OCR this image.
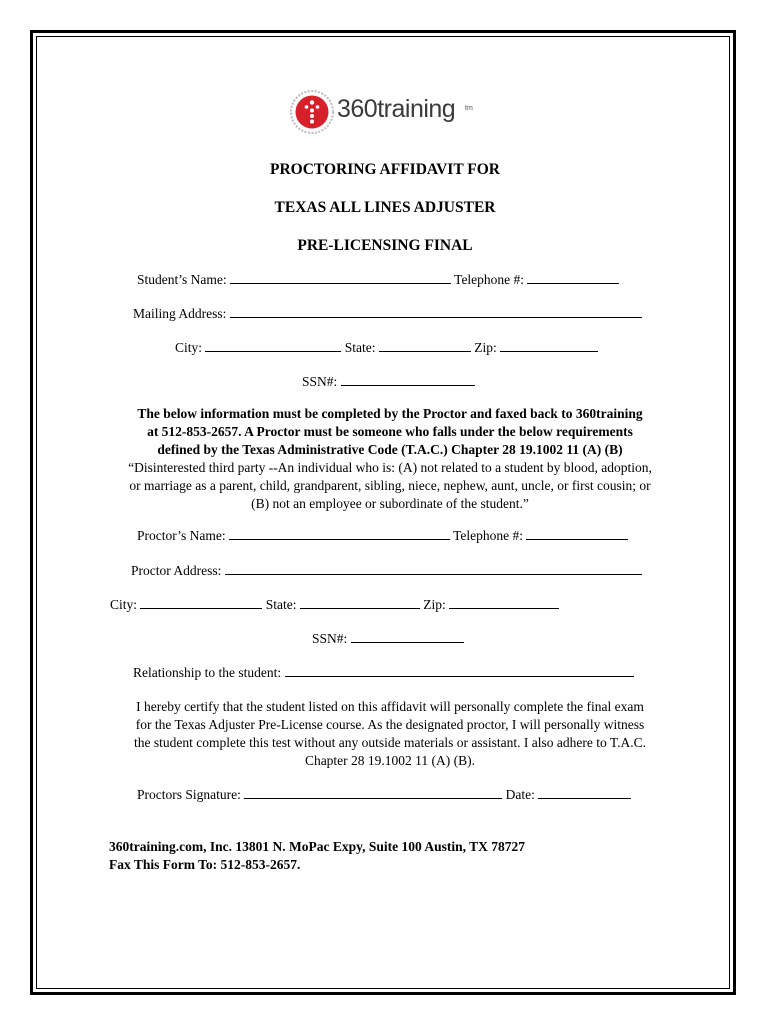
360training tm
PROCTORING AFFIDAVIT FOR
TEXAS ALL LINES ADJUSTER
PRE-LICENSING FINAL
Student’s Name:	Telephone #:
Mailing Address:
City:	State:	Zip:
SSN#:
The below information must be completed by the Proctor and faxed back to 360training
at 512-853-2657. A Proctor must be someone who falls under the below requirements
defined by the Texas Administrative Code (T.A.C.) Chapter 28 19.1002 11 (A) (B)
“Disinterested third party --An individual who is: (A) not related to a student by blood, adoption,
or marriage as a parent, child, grandparent, sibling, niece, nephew, aunt, uncle, or first cousin; or
(B) not an employee or subordinate of the student.”
Proctor’s Name:	Telephone #:
Proctor Address:
City:	State:	Zip:
SSN#:
Relationship to the student:
I hereby certify that the student listed on this affidavit will personally complete the final exam
for the Texas Adjuster Pre-License course. As the designated proctor, I will personally witness
the student complete this test without any outside materials or assistant. I also adhere to T.A.C.
Chapter 28 19.1002 11 (A) (B).
Proctors Signature:	Date:
360training.com, Inc. 13801 N. MoPac Expy, Suite 100 Austin, TX 78727
Fax This Form To: 512-853-2657.
